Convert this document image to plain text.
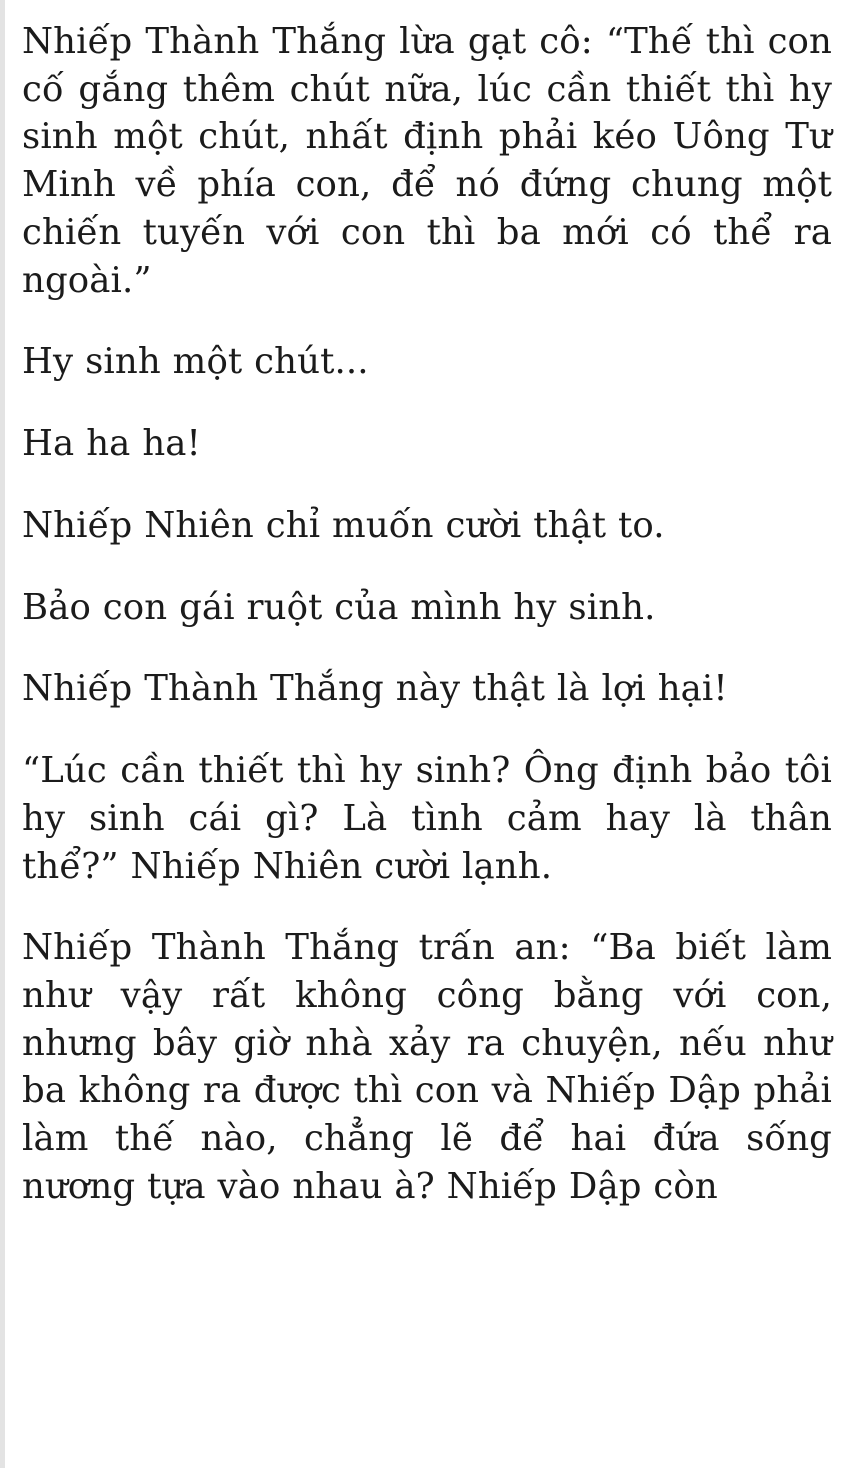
Nhiếp Thành Thắng lừa gạt cô: “Thế thì con cố gắng thêm chút nữa, lúc cần thiết thì hy sinh một chút, nhất định phải kéo Uông Tư Minh về phía con, để nó đứng chung một chiến tuyến với con thì ba mới có thể ra ngoài.”

Hy sinh một chút...

Ha ha ha!

Nhiếp Nhiên chỉ muốn cười thật to.

Bảo con gái ruột của mình hy sinh.

Nhiếp Thành Thắng này thật là lợi hại!

“Lúc cần thiết thì hy sinh? Ông định bảo tôi hy sinh cái gì? Là tình cảm hay là thân thể?” Nhiếp Nhiên cười lạnh.

Nhiếp Thành Thắng trấn an: “Ba biết làm như vậy rất không công bằng với con, nhưng bây giờ nhà xảy ra chuyện, nếu như ba không ra được thì con và Nhiếp Dập phải làm thế nào, chẳng lẽ để hai đứa sống nương tựa vào nhau à? Nhiếp Dập còn
